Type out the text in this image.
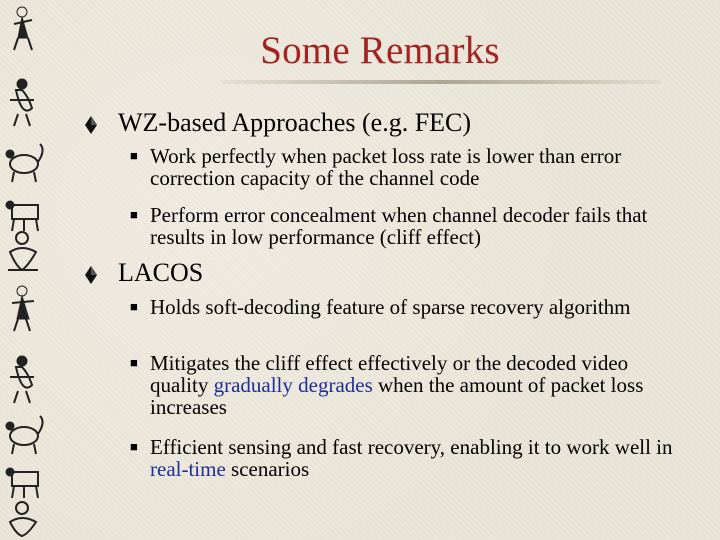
Some Remarks
WZ-based Approaches (e.g. FEC)
■ Work perfectly when packet loss rate is lower than error correction capacity of the channel code
■ Perform error concealment when channel decoder fails that results in low performance (cliff effect)
LACOS
■ Holds soft-decoding feature of sparse recovery algorithm
■ Mitigates the cliff effect effectively or the decoded video quality gradually degrades when the amount of packet loss increases
■ Efficient sensing and fast recovery, enabling it to work well in real-time scenarios
